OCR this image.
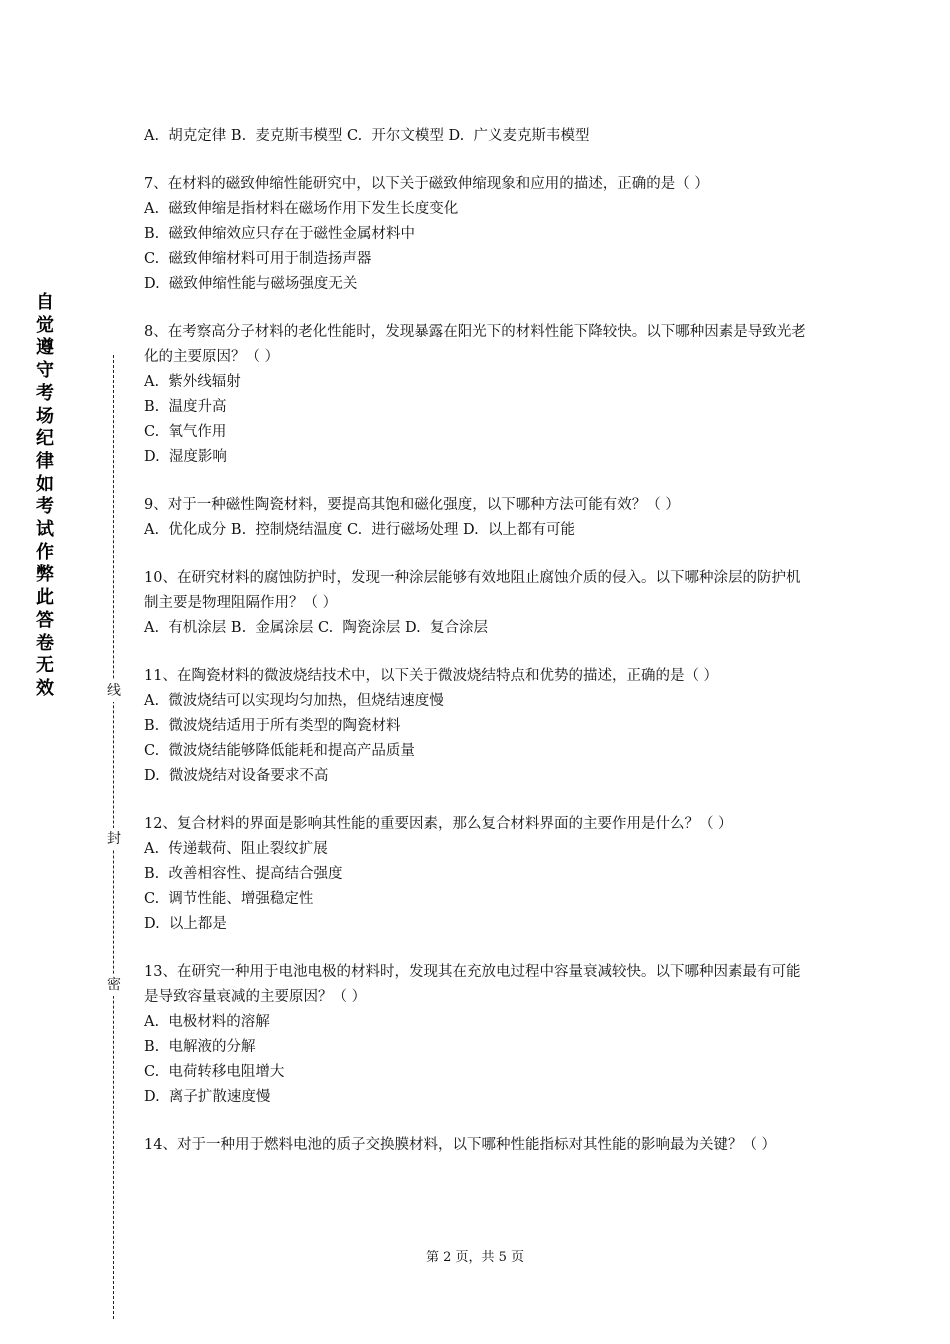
自觉遵守考场纪律如考试作弊此答卷无效	线
封
密
A.  胡克定律 B.  麦克斯韦模型 C.  开尔文模型 D.  广义麦克斯韦模型
7、在材料的磁致伸缩性能研究中，以下关于磁致伸缩现象和应用的描述，正确的是（ ）
A.  磁致伸缩是指材料在磁场作用下发生长度变化
B.  磁致伸缩效应只存在于磁性金属材料中
C.  磁致伸缩材料可用于制造扬声器
D.  磁致伸缩性能与磁场强度无关
8、在考察高分子材料的老化性能时，发现暴露在阳光下的材料性能下降较快。以下哪种因素是导致光老化的主要原因？（ ）
A.  紫外线辐射
B.  温度升高
C.  氧气作用
D.  湿度影响
9、对于一种磁性陶瓷材料，要提高其饱和磁化强度，以下哪种方法可能有效？（ ）
A.  优化成分 B.  控制烧结温度 C.  进行磁场处理 D.  以上都有可能
10、在研究材料的腐蚀防护时，发现一种涂层能够有效地阻止腐蚀介质的侵入。以下哪种涂层的防护机制主要是物理阻隔作用？（ ）
A.  有机涂层 B.  金属涂层 C.  陶瓷涂层 D.  复合涂层
11、在陶瓷材料的微波烧结技术中，以下关于微波烧结特点和优势的描述，正确的是（ ）
A.  微波烧结可以实现均匀加热，但烧结速度慢
B.  微波烧结适用于所有类型的陶瓷材料
C.  微波烧结能够降低能耗和提高产品质量
D.  微波烧结对设备要求不高
12、复合材料的界面是影响其性能的重要因素，那么复合材料界面的主要作用是什么？（ ）
A.  传递载荷、阻止裂纹扩展
B.  改善相容性、提高结合强度
C.  调节性能、增强稳定性
D.  以上都是
13、在研究一种用于电池电极的材料时，发现其在充放电过程中容量衰减较快。以下哪种因素最有可能是导致容量衰减的主要原因？（ ）
A.  电极材料的溶解
B.  电解液的分解
C.  电荷转移电阻增大
D.  离子扩散速度慢
14、对于一种用于燃料电池的质子交换膜材料，以下哪种性能指标对其性能的影响最为关键？（ ）
第 2 页，共 5 页
